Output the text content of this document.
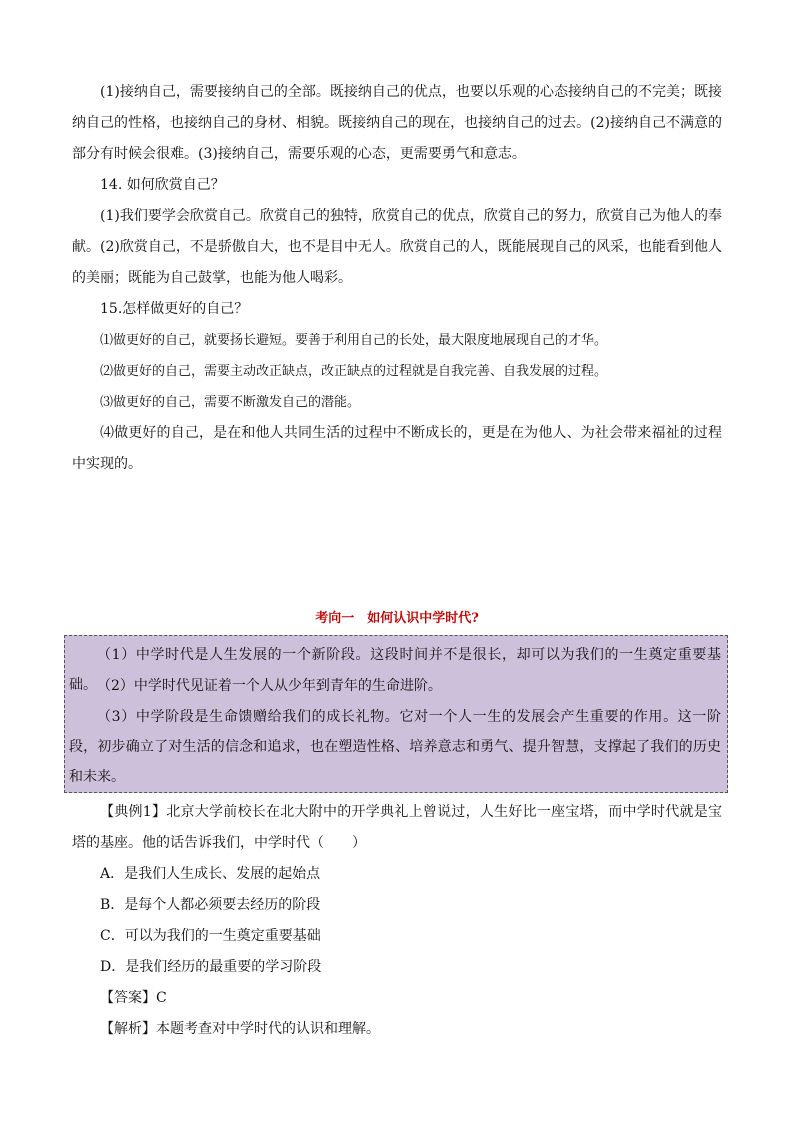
(1)接纳自己，需要接纳自己的全部。既接纳自己的优点，也要以乐观的心态接纳自己的不完美；既接纳自己的性格，也接纳自己的身材、相貌。既接纳自己的现在，也接纳自己的过去。(2)接纳自己不满意的部分有时候会很难。(3)接纳自己，需要乐观的心态，更需要勇气和意志。

14. 如何欣赏自己？

(1)我们要学会欣赏自己。欣赏自己的独特，欣赏自己的优点，欣赏自己的努力，欣赏自己为他人的奉献。(2)欣赏自己，不是骄傲自大，也不是目中无人。欣赏自己的人，既能展现自己的风采，也能看到他人的美丽；既能为自己鼓掌，也能为他人喝彩。

15.怎样做更好的自己？

⑴做更好的自己，就要扬长避短。要善于利用自己的长处，最大限度地展现自己的才华。

⑵做更好的自己，需要主动改正缺点，改正缺点的过程就是自我完善、自我发展的过程。

⑶做更好的自己，需要不断激发自己的潜能。

⑷做更好的自己，是在和他人共同生活的过程中不断成长的，更是在为他人、为社会带来福祉的过程中实现的。

考向一　如何认识中学时代?

（1）中学时代是人生发展的一个新阶段。这段时间并不是很长，却可以为我们的一生奠定重要基础。 （2）中学时代见证着一个人从少年到青年的生命进阶。

（3）中学阶段是生命馈赠给我们的成长礼物。它对一个人一生的发展会产生重要的作用。这一阶段，初步确立了对生活的信念和追求，也在塑造性格、培养意志和勇气、提升智慧，支撑起了我们的历史和未来。

【典例1】北京大学前校长在北大附中的开学典礼上曾说过，人生好比一座宝塔，而中学时代就是宝塔的基座。他的话告诉我们，中学时代（　　）

A．是我们人生成长、发展的起始点

B．是每个人都必须要去经历的阶段

C．可以为我们的一生奠定重要基础

D．是我们经历的最重要的学习阶段

【答案】C

【解析】本题考查对中学时代的认识和理解。
